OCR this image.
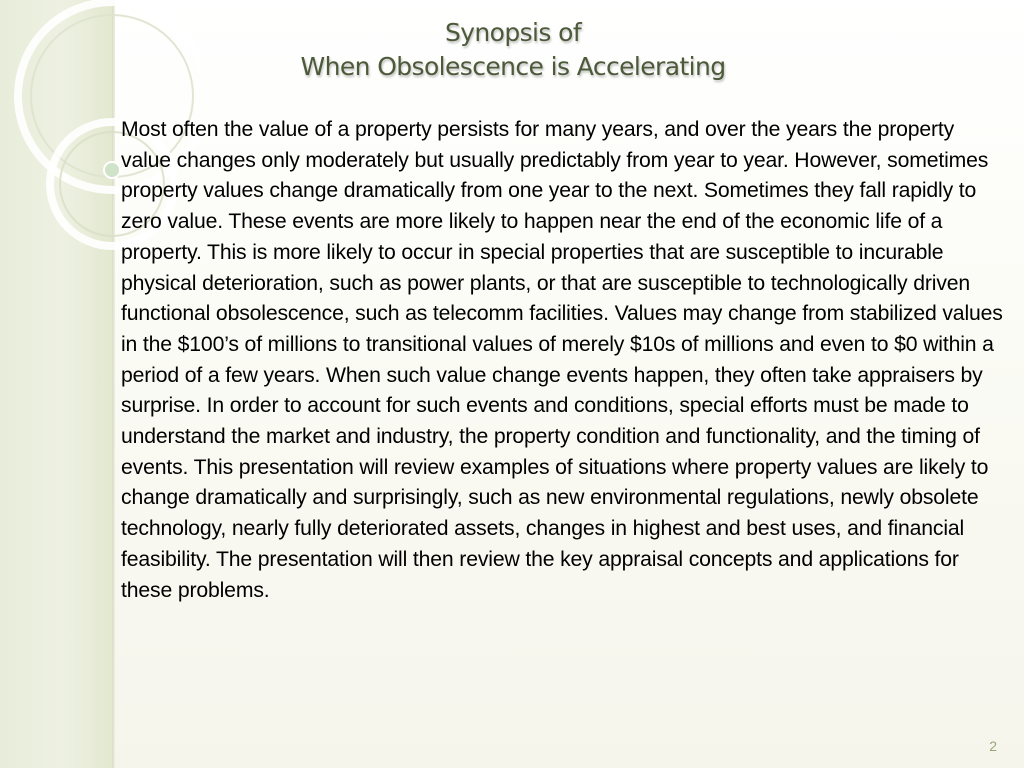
Synopsis of
When Obsolescence is Accelerating

Most often the value of a property persists for many years, and over the years the property value changes only moderately but usually predictably from year to year. However, sometimes property values change dramatically from one year to the next. Sometimes they fall rapidly to zero value. These events are more likely to happen near the end of the economic life of a property. This is more likely to occur in special properties that are susceptible to incurable physical deterioration, such as power plants, or that are susceptible to technologically driven functional obsolescence, such as telecomm facilities. Values may change from stabilized values in the $100’s of millions to transitional values of merely $10s of millions and even to $0 within a period of a few years. When such value change events happen, they often take appraisers by surprise. In order to account for such events and conditions, special efforts must be made to understand the market and industry, the property condition and functionality, and the timing of events. This presentation will review examples of situations where property values are likely to change dramatically and surprisingly, such as new environmental regulations, newly obsolete technology, nearly fully deteriorated assets, changes in highest and best uses, and financial feasibility. The presentation will then review the key appraisal concepts and applications for these problems.

2
